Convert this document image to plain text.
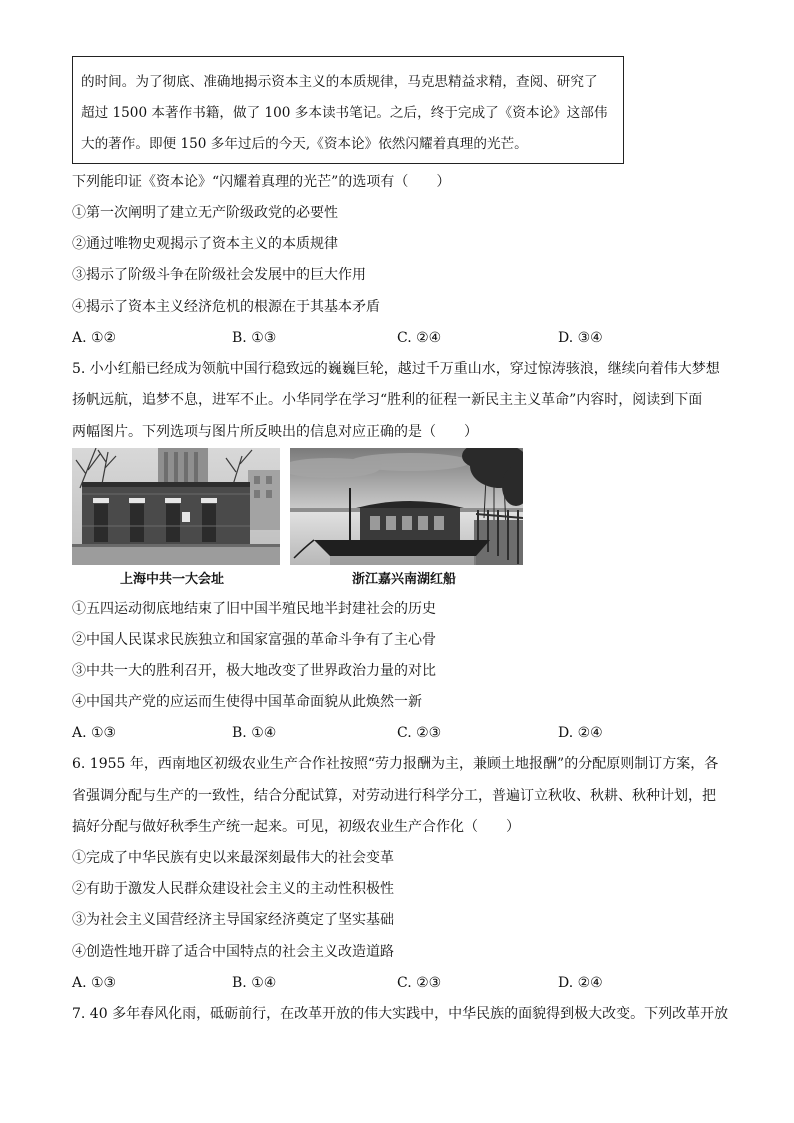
的时间。为了彻底、准确地揭示资本主义的本质规律，马克思精益求精，查阅、研究了
超过 1500 本著作书籍，做了 100 多本读书笔记。之后，终于完成了《资本论》这部伟
大的著作。即便 150 多年过后的今天,《资本论》依然闪耀着真理的光芒。
下列能印证《资本论》“闪耀着真理的光芒”的选项有（　　）
①第一次阐明了建立无产阶级政党的必要性
②通过唯物史观揭示了资本主义的本质规律
③揭示了阶级斗争在阶级社会发展中的巨大作用
④揭示了资本主义经济危机的根源在于其基本矛盾
A. ①②	B. ①③	C. ②④	D. ③④
5. 小小红船已经成为领航中国行稳致远的巍巍巨轮，越过千万重山水，穿过惊涛骇浪，继续向着伟大梦想
扬帆远航，追梦不息，进军不止。小华同学在学习“胜利的征程一新民主主义革命”内容时，阅读到下面
两幅图片。下列选项与图片所反映出的信息对应正确的是（　　）
上海中共一大会址	浙江嘉兴南湖红船
①五四运动彻底地结束了旧中国半殖民地半封建社会的历史
②中国人民谋求民族独立和国家富强的革命斗争有了主心骨
③中共一大的胜利召开，极大地改变了世界政治力量的对比
④中国共产党的应运而生使得中国革命面貌从此焕然一新
A. ①③	B. ①④	C. ②③	D. ②④
6. 1955 年，西南地区初级农业生产合作社按照“劳力报酬为主，兼顾土地报酬”的分配原则制订方案，各
省强调分配与生产的一致性，结合分配试算，对劳动进行科学分工，普遍订立秋收、秋耕、秋种计划，把
搞好分配与做好秋季生产统一起来。可见，初级农业生产合作化（　　）
①完成了中华民族有史以来最深刻最伟大的社会变革
②有助于激发人民群众建设社会主义的主动性积极性
③为社会主义国营经济主导国家经济奠定了坚实基础
④创造性地开辟了适合中国特点的社会主义改造道路
A. ①③	B. ①④	C. ②③	D. ②④
7. 40 多年春风化雨，砥砺前行，在改革开放的伟大实践中，中华民族的面貌得到极大改变。下列改革开放
